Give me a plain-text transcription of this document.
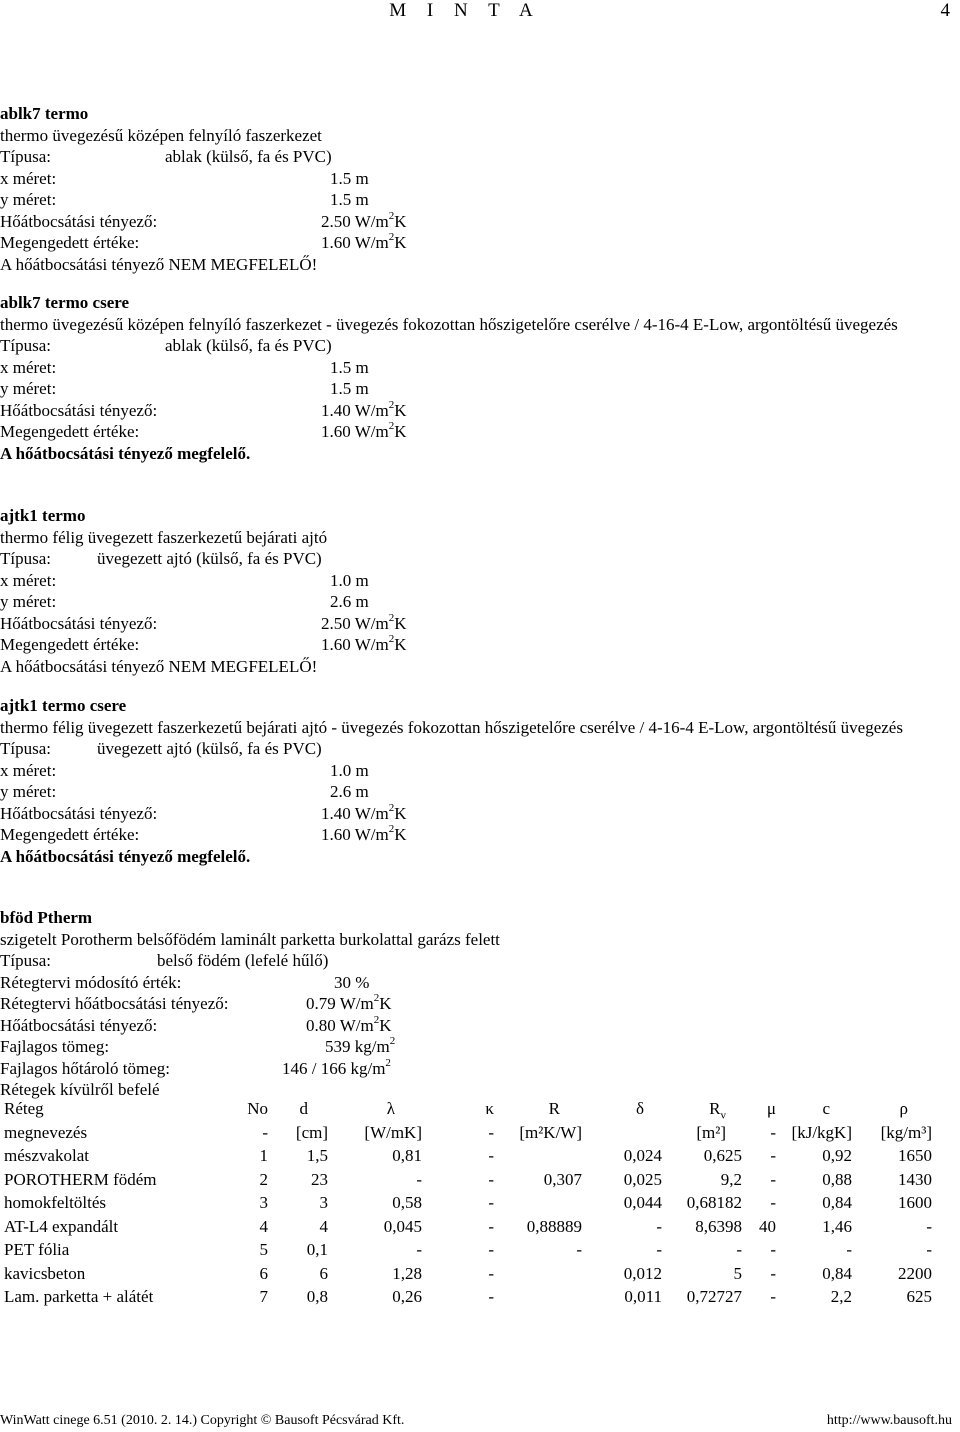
M I N T A	4
ablk7 termo
thermo üvegezésű középen felnyíló faszerkezet
Típusa:	ablak (külső, fa és PVC)
x méret:	1.5 m
y méret:	1.5 m
Hőátbocsátási tényező:	2.50 $W/m^2K$
Megengedett értéke:	1.60 $W/m^2K$
A hőátbocsátási tényező NEM MEGFELELŐ!
ablk7 termo csere
thermo üvegezésű középen felnyíló faszerkezet - üvegezés fokozottan hőszigetelőre cserélve / 4-16-4 E-Low, argontöltésű üvegezés
Típusa:	ablak (külső, fa és PVC)
x méret:	1.5 m
y méret:	1.5 m
Hőátbocsátási tényező:	1.40 $W/m^2K$
Megengedett értéke:	1.60 $W/m^2K$
A hőátbocsátási tényező megfelelő.
ajtk1 termo
thermo félig üvegezett faszerkezetű bejárati ajtó
Típusa:	üvegezett ajtó (külső, fa és PVC)
x méret:	1.0 m
y méret:	2.6 m
Hőátbocsátási tényező:	2.50 $W/m^2K$
Megengedett értéke:	1.60 $W/m^2K$
A hőátbocsátási tényező NEM MEGFELELŐ!
ajtk1 termo csere
thermo félig üvegezett faszerkezetű bejárati ajtó - üvegezés fokozottan hőszigetelőre cserélve / 4-16-4 E-Low, argontöltésű üvegezés
Típusa:	üvegezett ajtó (külső, fa és PVC)
x méret:	1.0 m
y méret:	2.6 m
Hőátbocsátási tényező:	1.40 $W/m^2K$
Megengedett értéke:	1.60 $W/m^2K$
A hőátbocsátási tényező megfelelő.
bföd Ptherm
szigetelt Porotherm belsőfödém laminált parketta burkolattal garázs felett
Típusa:	belső födém (lefelé hűlő)
Rétegtervi módosító érték:	30 %
Rétegtervi hőátbocsátási tényező:	0.79 $W/m^2K$
Hőátbocsátási tényező:	0.80 $W/m^2K$
Fajlagos tömeg:	539 $kg/m^2$
Fajlagos hőtároló tömeg:	146 / 166 $kg/m^2$
Rétegek kívülről befelé
Réteg	No	d	λ	κ	R	δ	$R_v$	μ	c	ρ
megnevezés	-	[cm]	[W/mK]	-	[m²K/W]		[m²]	-	[kJ/kgK]	[kg/m³]
mészvakolat	1	1,5	0,81	-		0,024	0,625	-	0,92	1650
POROTHERM födém	2	23	-	-	0,307	0,025	9,2	-	0,88	1430
homokfeltöltés	3	3	0,58	-		0,044	0,68182	-	0,84	1600
AT-L4 expandált	4	4	0,045	-	0,88889	-	8,6398	40	1,46	-
PET fólia	5	0,1	-	-	-	-	-	-	-	-
kavicsbeton	6	6	1,28	-		0,012	5	-	0,84	2200
Lam. parketta + alátét	7	0,8	0,26	-		0,011	0,72727	-	2,2	625
WinWatt cinege 6.51 (2010. 2. 14.) Copyright © Bausoft Pécsvárad Kft.	http://www.bausoft.hu
